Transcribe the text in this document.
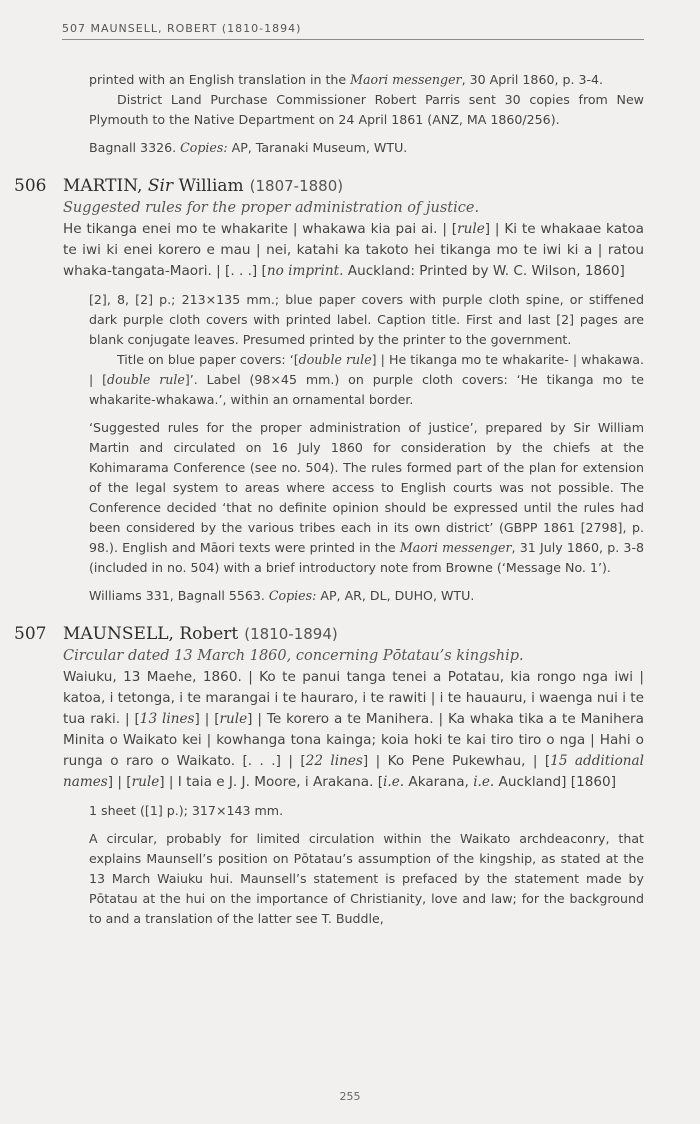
507 MAUNSELL, ROBERT (1810-1894)

printed with an English translation in the Maori messenger, 30 April 1860, p. 3-4.

District Land Purchase Commissioner Robert Parris sent 30 copies from New Plymouth to the Native Department on 24 April 1861 (ANZ, MA 1860/256).

Bagnall 3326. Copies: AP, Taranaki Museum, WTU.

506 MARTIN, Sir William (1807-1880)
Suggested rules for the proper administration of justice.

He tikanga enei mo te whakarite | whakawa kia pai ai. | [rule] | Ki te whakaae katoa te iwi ki enei korero e mau | nei, katahi ka takoto hei tikanga mo te iwi ki a | ratou whaka-tangata-Maori. | [. . .] [no imprint. Auckland: Printed by W. C. Wilson, 1860]

[2], 8, [2] p.; 213×135 mm.; blue paper covers with purple cloth spine, or stiffened dark purple cloth covers with printed label. Caption title. First and last [2] pages are blank conjugate leaves. Presumed printed by the printer to the government.

Title on blue paper covers: ‘[double rule] | He tikanga mo te whakarite- | whakawa. | [double rule]’. Label (98×45 mm.) on purple cloth covers: ‘He tikanga mo te whakarite-whakawa.’, within an ornamental border.

‘Suggested rules for the proper administration of justice’, prepared by Sir William Martin and circulated on 16 July 1860 for consideration by the chiefs at the Kohimarama Conference (see no. 504). The rules formed part of the plan for extension of the legal system to areas where access to English courts was not possible. The Conference decided ‘that no definite opinion should be expressed until the rules had been considered by the various tribes each in its own district’ (GBPP 1861 [2798], p. 98.). English and Māori texts were printed in the Maori messenger, 31 July 1860, p. 3-8 (included in no. 504) with a brief introductory note from Browne (‘Message No. 1’).

Williams 331, Bagnall 5563. Copies: AP, AR, DL, DUHO, WTU.

507 MAUNSELL, Robert (1810-1894)
Circular dated 13 March 1860, concerning Pōtatau’s kingship.

Waiuku, 13 Maehe, 1860. | Ko te panui tanga tenei a Potatau, kia rongo nga iwi | katoa, i tetonga, i te marangai i te hauraro, i te rawiti | i te hauauru, i waenga nui i te tua raki. | [13 lines] | [rule] | Te korero a te Manihera. | Ka whaka tika a te Manihera Minita o Waikato kei | kowhanga tona kainga; koia hoki te kai tiro tiro o nga | Hahi o runga o raro o Waikato. [. . .] | [22 lines] | Ko Pene Pukewhau, | [15 additional names] | [rule] | I taia e J. J. Moore, i Arakana. [i.e. Akarana, i.e. Auckland] [1860]

1 sheet ([1] p.); 317×143 mm.

A circular, probably for limited circulation within the Waikato archdeaconry, that explains Maunsell’s position on Pōtatau’s assumption of the kingship, as stated at the 13 March Waiuku hui. Maunsell’s statement is prefaced by the statement made by Pōtatau at the hui on the importance of Christianity, love and law; for the background to and a translation of the latter see T. Buddle,

255
